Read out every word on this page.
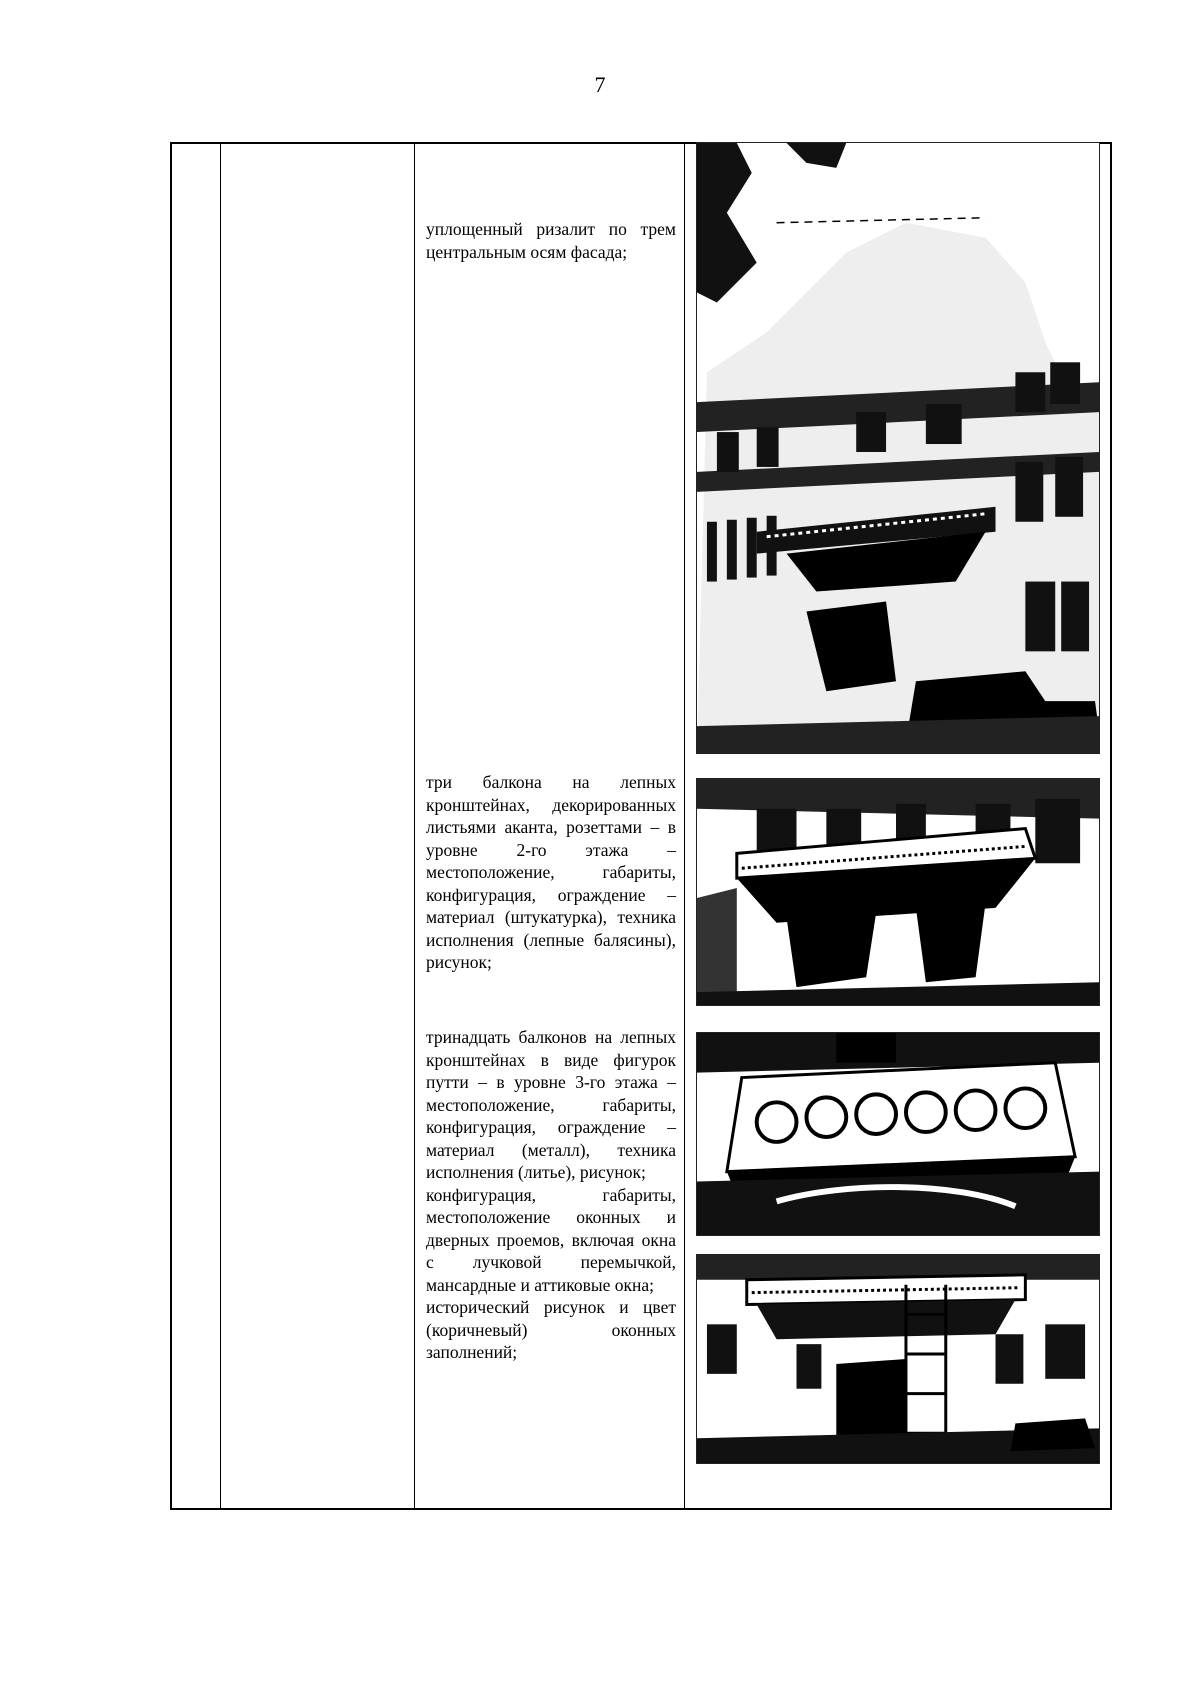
7

уплощенный ризалит по трем центральным осям фасада;

три балкона на лепных кронштейнах, декорированных листьями аканта, розеттами – в уровне 2-го этажа – местоположение, габариты, конфигурация, ограждение – материал (штукатурка), техника исполнения (лепные балясины), рисунок;

тринадцать балконов на лепных кронштейнах в виде фигурок путти – в уровне 3-го этажа – местоположение, габариты, конфигурация, ограждение – материал (металл), техника исполнения (литье), рисунок;

конфигурация, габариты, местоположение оконных и дверных проемов, включая окна с лучковой перемычкой, мансардные и аттиковые окна;

исторический рисунок и цвет (коричневый) оконных заполнений;
